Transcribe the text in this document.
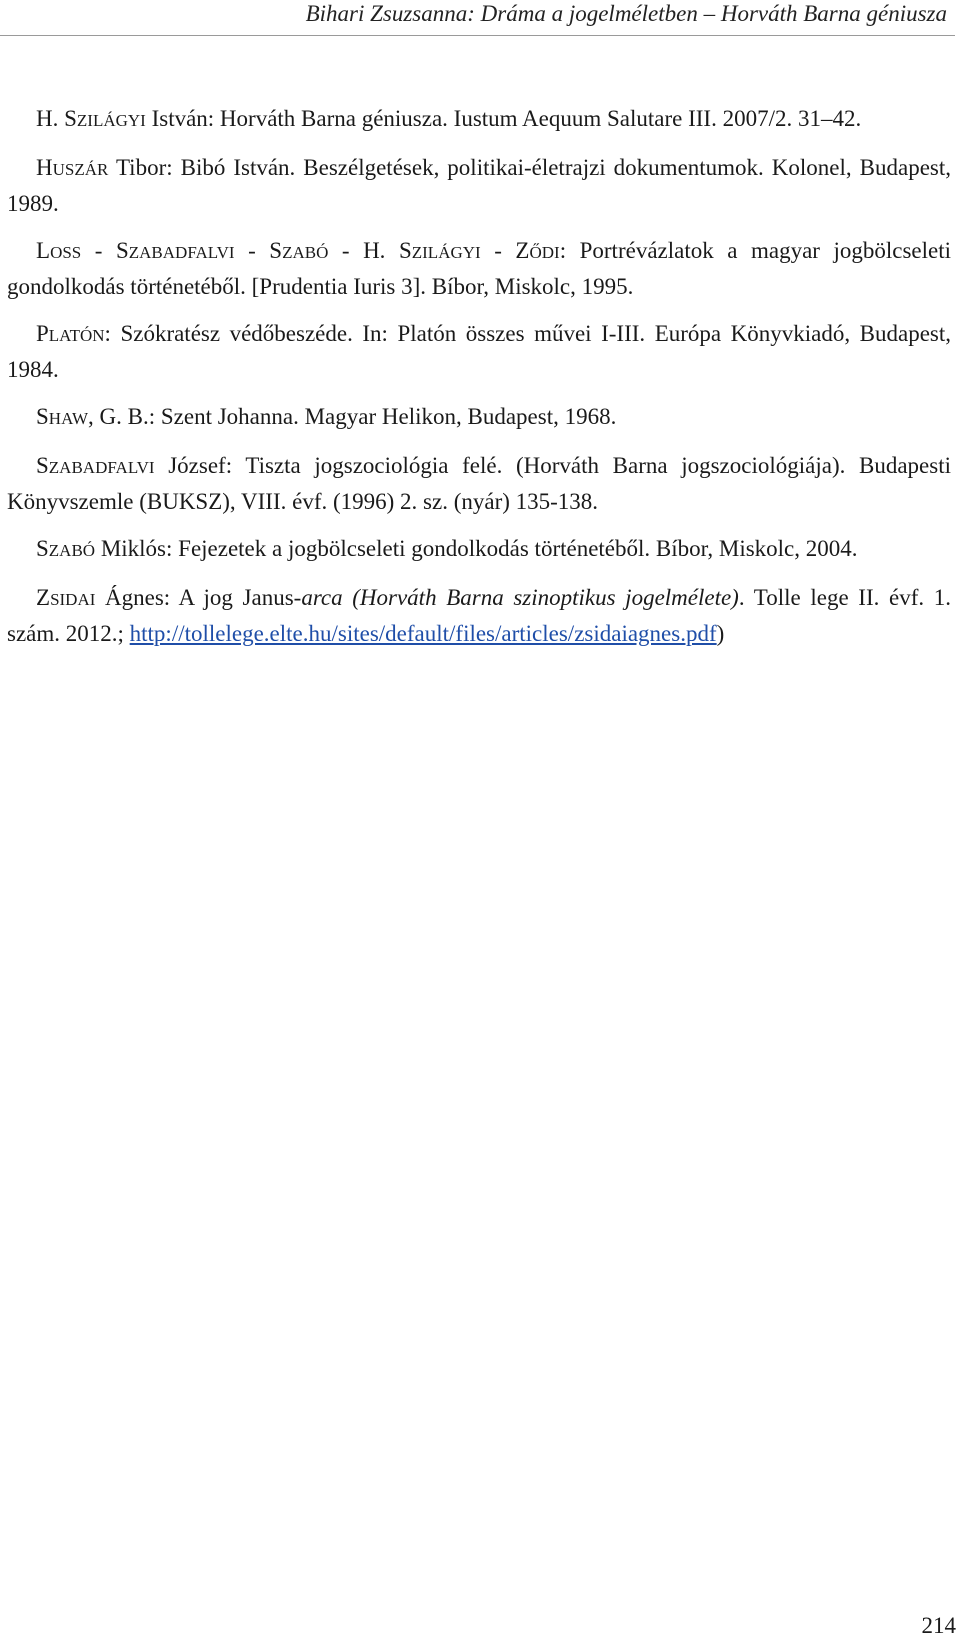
Bihari Zsuzsanna: Dráma a jogelméletben – Horváth Barna géniusza

H. SZILÁGYI István: Horváth Barna géniusza. Iustum Aequum Salutare III. 2007/2. 31–42.

HUSZÁR Tibor: Bibó István. Beszélgetések, politikai-életrajzi dokumentumok. Kolonel, Budapest, 1989.

LOSS - SZABADFALVI - SZABÓ - H. SZILÁGYI - ZŐDI: Portrévázlatok a magyar jogbölcseleti gondolkodás történetéből. [Prudentia Iuris 3]. Bíbor, Miskolc, 1995.

PLATÓN: Szókratész védőbeszéde. In: Platón összes művei I-III. Európa Könyvkiadó, Budapest, 1984.

SHAW, G. B.: Szent Johanna. Magyar Helikon, Budapest, 1968.

SZABADFALVI József: Tiszta jogszociológia felé. (Horváth Barna jogszociológiája). Budapesti Könyvszemle (BUKSZ), VIII. évf. (1996) 2. sz. (nyár) 135-138.

SZABÓ Miklós: Fejezetek a jogbölcseleti gondolkodás történetéből. Bíbor, Miskolc, 2004.

ZSIDAI Ágnes: A jog Janus-arca (Horváth Barna szinoptikus jogelmélete). Tolle lege II. évf. 1. szám. 2012.; http://tollelege.elte.hu/sites/default/files/articles/zsidaiagnes.pdf)

214
